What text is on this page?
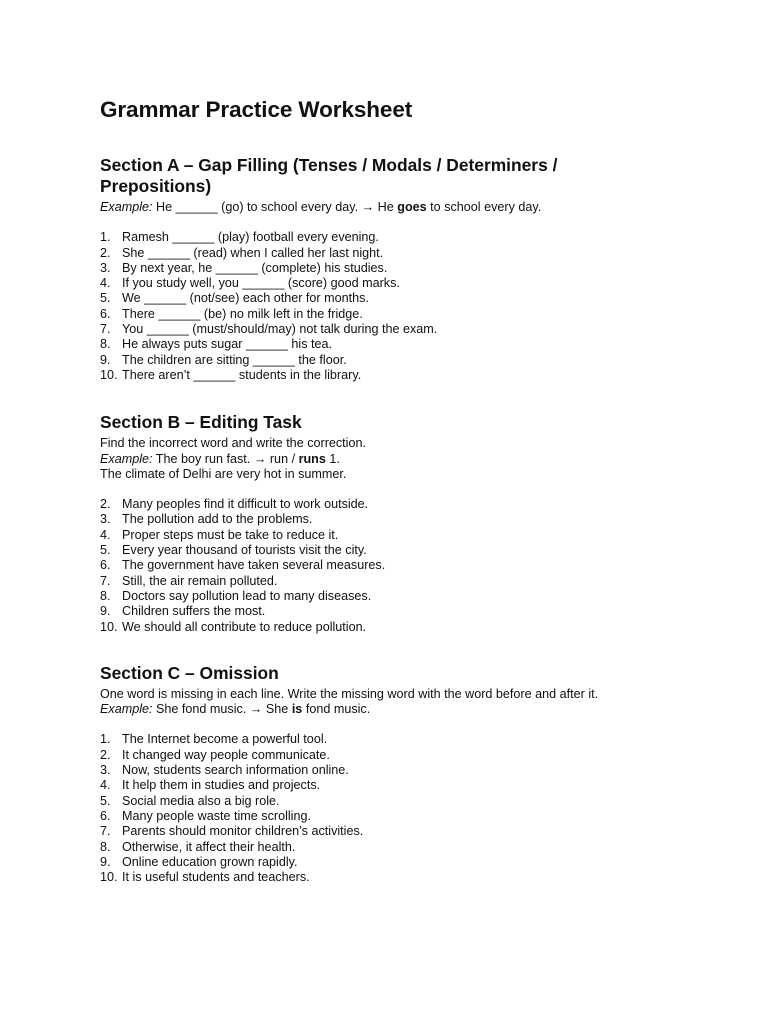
Grammar Practice Worksheet
Section A – Gap Filling (Tenses / Modals / Determiners /
Prepositions)
Example: He ______ (go) to school every day. → He goes to school every day.
1. Ramesh ______ (play) football every evening.
2. She ______ (read) when I called her last night.
3. By next year, he ______ (complete) his studies.
4. If you study well, you ______ (score) good marks.
5. We ______ (not/see) each other for months.
6. There ______ (be) no milk left in the fridge.
7. You ______ (must/should/may) not talk during the exam.
8. He always puts sugar ______ his tea.
9. The children are sitting ______ the floor.
10. There aren’t ______ students in the library.
Section B – Editing Task
Find the incorrect word and write the correction.
Example: The boy run fast. → run / runs 1.
The climate of Delhi are very hot in summer.
2. Many peoples find it difficult to work outside.
3. The pollution add to the problems.
4. Proper steps must be take to reduce it.
5. Every year thousand of tourists visit the city.
6. The government have taken several measures.
7. Still, the air remain polluted.
8. Doctors say pollution lead to many diseases.
9. Children suffers the most.
10. We should all contribute to reduce pollution.
Section C – Omission
One word is missing in each line. Write the missing word with the word before and after it.
Example: She fond music. → She is fond music.
1. The Internet become a powerful tool.
2. It changed way people communicate.
3. Now, students search information online.
4. It help them in studies and projects.
5. Social media also a big role.
6. Many people waste time scrolling.
7. Parents should monitor children’s activities.
8. Otherwise, it affect their health.
9. Online education grown rapidly.
10. It is useful students and teachers.
